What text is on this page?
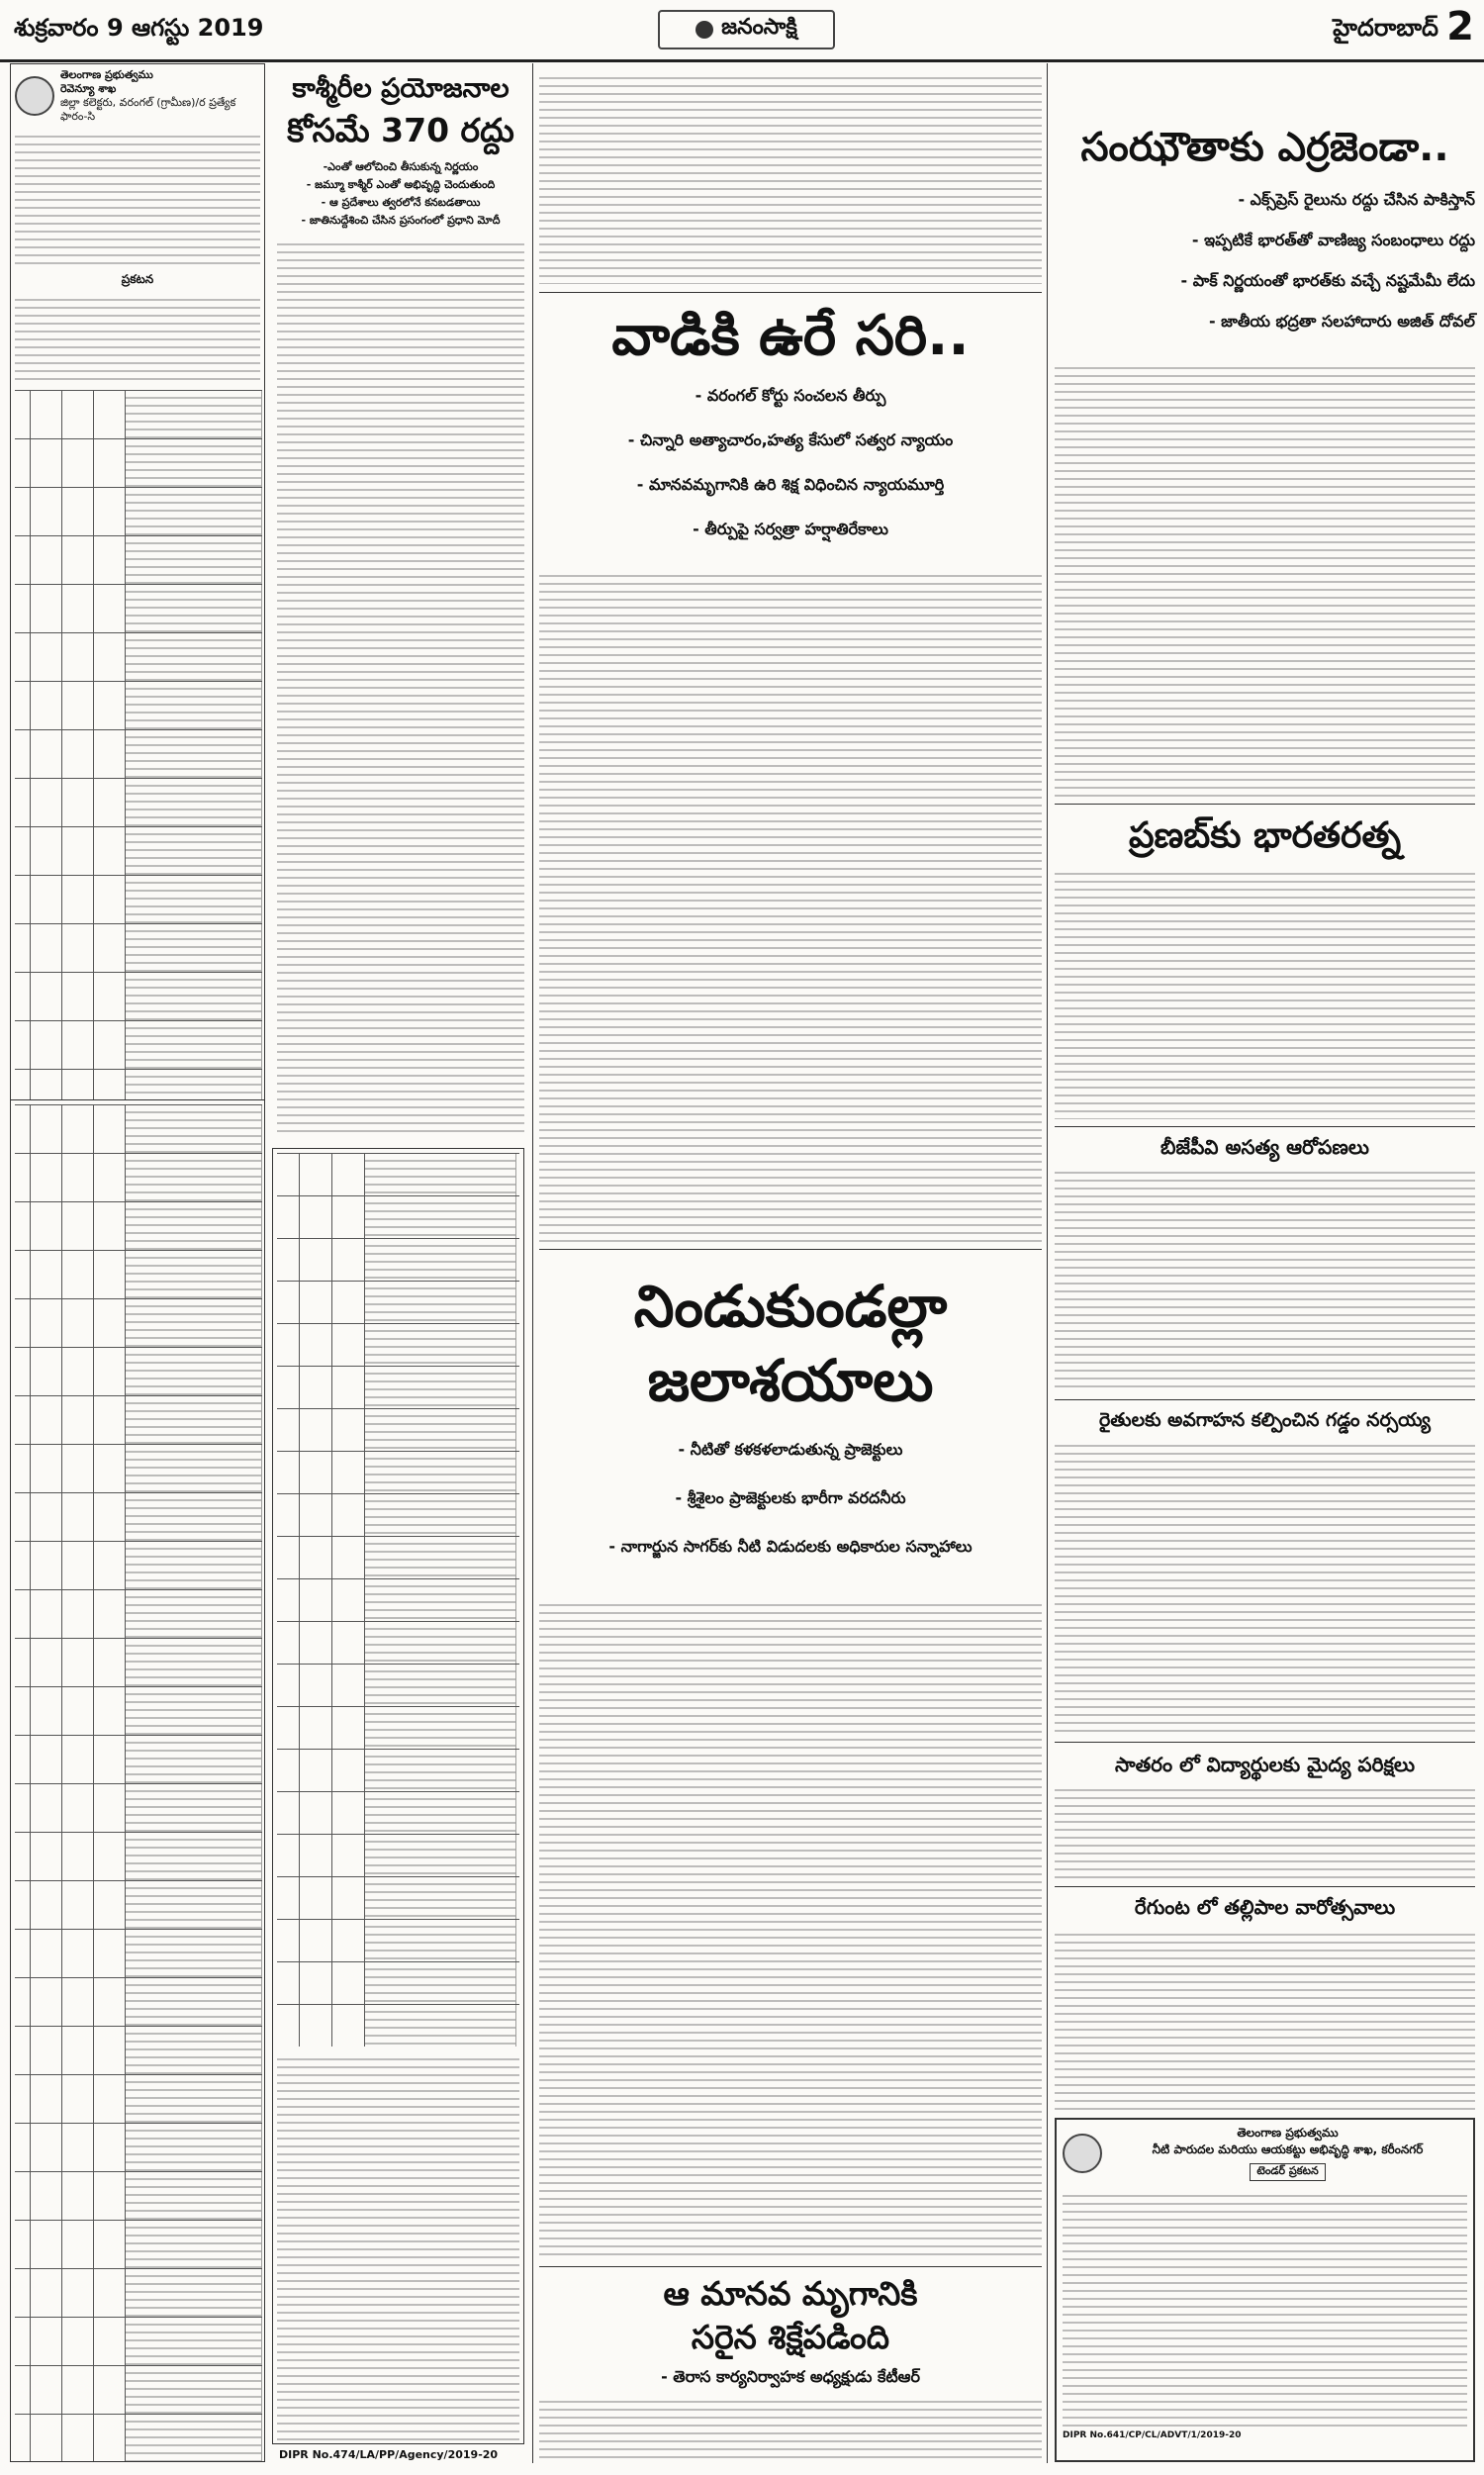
శుక్రవారం 9 ఆగస్టు 2019	జనంసాక్షి	హైదరాబాద్ 2
తెలంగాణ ప్రభుత్వము
రెవెన్యూ శాఖ
జిల్లా కలెక్టరు, వరంగల్ (గ్రామీణ)/ర ప్రత్యేక
ఫారం-సి
ప్రకటన
DIPR No.474/LA/PP/Agency/2019-20
కాశ్మీరీల ప్రయోజనాల
కోసమే 370 రద్దు
-ఎంతో ఆలోచించి తీసుకున్న నిర్ణయం
- జమ్మూ కాశ్మీర్ ఎంతో అభివృద్ధి చెందుతుంది
- ఆ ప్రదేశాలు త్వరలోనే కనబడతాయి
- జాతినుద్దేశించి చేసిన ప్రసంగంలో ప్రధాని మోదీ
వాడికి ఉరే సరి..
- వరంగల్ కోర్టు సంచలన తీర్పు
- చిన్నారి అత్యాచారం,హత్య కేసులో సత్వర న్యాయం
- మానవమృగానికి ఉరి శిక్ష విధించిన న్యాయమూర్తి
- తీర్పుపై సర్వత్రా హర్షాతిరేకాలు
నిండుకుండల్లా
జలాశయాలు
- నీటితో కళకళలాడుతున్న ప్రాజెక్టులు
- శ్రీశైలం ప్రాజెక్టులకు భారీగా వరదనీరు
- నాగార్జున సాగర్‌కు నీటి విడుదలకు అధికారుల సన్నాహాలు
ఆ మానవ మృగానికి
సరైన శిక్షేపడింది
- తెరాస కార్యనిర్వాహక అధ్యక్షుడు కేటీఆర్
సంఝౌతాకు ఎర్రజెండా..
- ఎక్స్‌ప్రెస్ రైలును రద్దు చేసిన పాకిస్తాన్
- ఇప్పటికే భారత్‌తో వాణిజ్య సంబంధాలు రద్దు
- పాక్ నిర్ణయంతో భారత్‌కు వచ్చే నష్టమేమీ లేదు
- జాతీయ భద్రతా సలహాదారు అజిత్ దోవల్
ప్రణబ్‌కు భారతరత్న
బీజేపీవి అసత్య ఆరోపణలు
రైతులకు అవగాహన కల్పించిన గడ్డం నర్సయ్య
సాతరం లో విద్యార్థులకు మైద్య పరిక్షలు
రేగుంట లో తల్లిపాల వారోత్సవాలు
తెలంగాణ ప్రభుత్వము
నీటి పారుదల మరియు ఆయకట్టు అభివృద్ధి శాఖ, కరీంనగర్
టెండర్ ప్రకటన
DIPR No.641/CP/CL/ADVT/1/2019-20
